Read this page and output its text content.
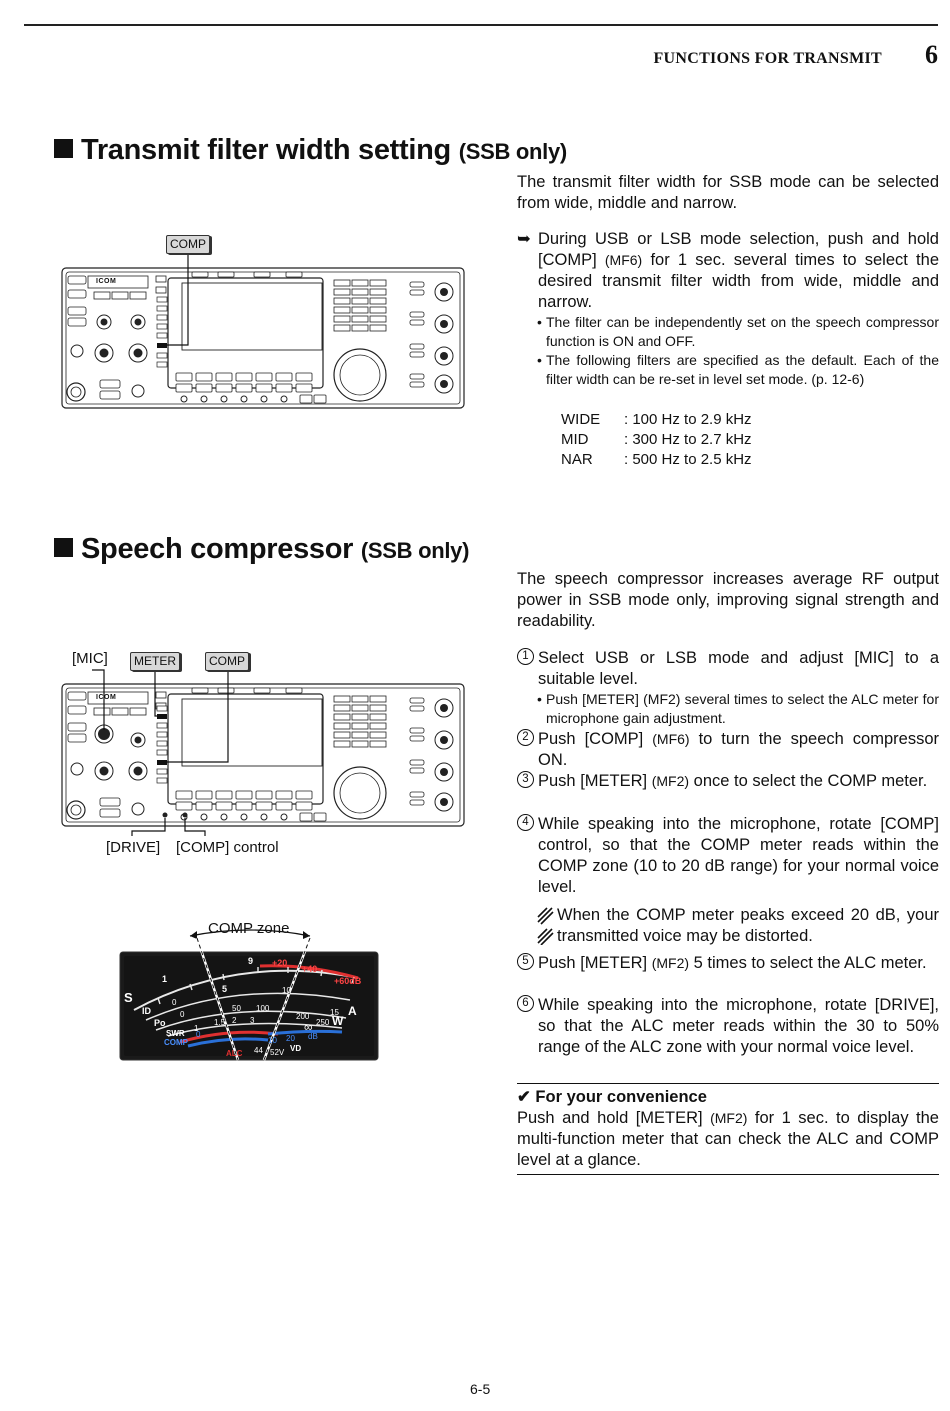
FUNCTIONS FOR TRANSMIT 6
Transmit filter width setting (SSB only)
ICOM
COMP
The transmit filter width for SSB mode can be selected from wide, middle and narrow.
➥ During USB or LSB mode selection, push and hold [COMP] (MF6) for 1 sec. several times to select the desired transmit filter width from wide, middle and narrow.
• The filter can be independently set on the speech compressor function is ON and OFF.
• The following filters are specified as the default. Each of the filter width can be re-set in level set mode. (p. 12-6)
WIDE : 100 Hz to 2.9 kHz
MID : 300 Hz to 2.7 kHz
NAR : 500 Hz to 2.5 kHz
Speech compressor (SSB only)
ICOM
[MIC]	METER	COMP
[DRIVE] [COMP] control
COMP zone
S
ID
Po
SWR
COMP
ALC
A
W
VD
1
5
9 +20
+40
+60dB
0
10
15
0
50 100
200
250
1
1.5 2 3	∞
0
10 20 dB
44 52V
The speech compressor increases average RF output power in SSB mode only, improving signal strength and readability.
1 Select USB or LSB mode and adjust [MIC] to a suitable level.
• Push [METER] (MF2) several times to select the ALC meter for microphone gain adjustment.
2 Push [COMP] (MF6) to turn the speech compressor ON.
3 Push [METER] (MF2) once to select the COMP meter.
4 While speaking into the microphone, rotate [COMP] control, so that the COMP meter reads within the COMP zone (10 to 20 dB range) for your normal voice level.
When the COMP meter peaks exceed 20 dB, your transmitted voice may be distorted.
5 Push [METER] (MF2) 5 times to select the ALC meter.
6 While speaking into the microphone, rotate [DRIVE], so that the ALC meter reads within the 30 to 50% range of the ALC zone with your normal voice level.
✔ For your convenience
Push and hold [METER] (MF2) for 1 sec. to display the multi-function meter that can check the ALC and COMP level at a glance.
6-5
